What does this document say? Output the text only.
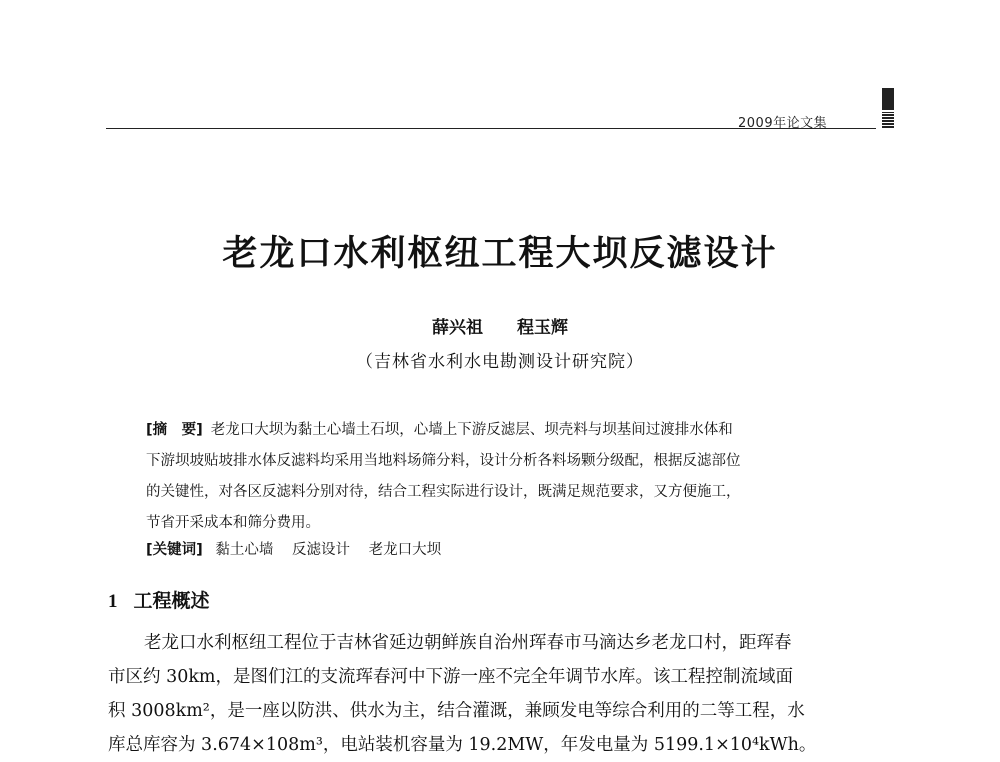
2009年论文集
老龙口水利枢纽工程大坝反滤设计
薛兴祖　　 程玉辉
（吉林省水利水电勘测设计研究院）
[摘　要] 老龙口大坝为黏土心墙土石坝，心墙上下游反滤层、坝壳料与坝基间过渡排水体和
下游坝坡贴坡排水体反滤料均采用当地料场筛分料，设计分析各料场颗分级配，根据反滤部位
的关键性，对各区反滤料分别对待，结合工程实际进行设计，既满足规范要求，又方便施工，
节省开采成本和筛分费用。
[关键词] 黏土心墙 反滤设计 老龙口大坝
1 工程概述
老龙口水利枢纽工程位于吉林省延边朝鲜族自治州珲春市马滴达乡老龙口村，距珲春
市区约 30km，是图们江的支流珲春河中下游一座不完全年调节水库。该工程控制流域面
积 3008km²，是一座以防洪、供水为主，结合灌溉，兼顾发电等综合利用的二等工程，水
库总库容为 3.674×108m³，电站装机容量为 19.2MW，年发电量为 5199.1×10⁴kWh。
